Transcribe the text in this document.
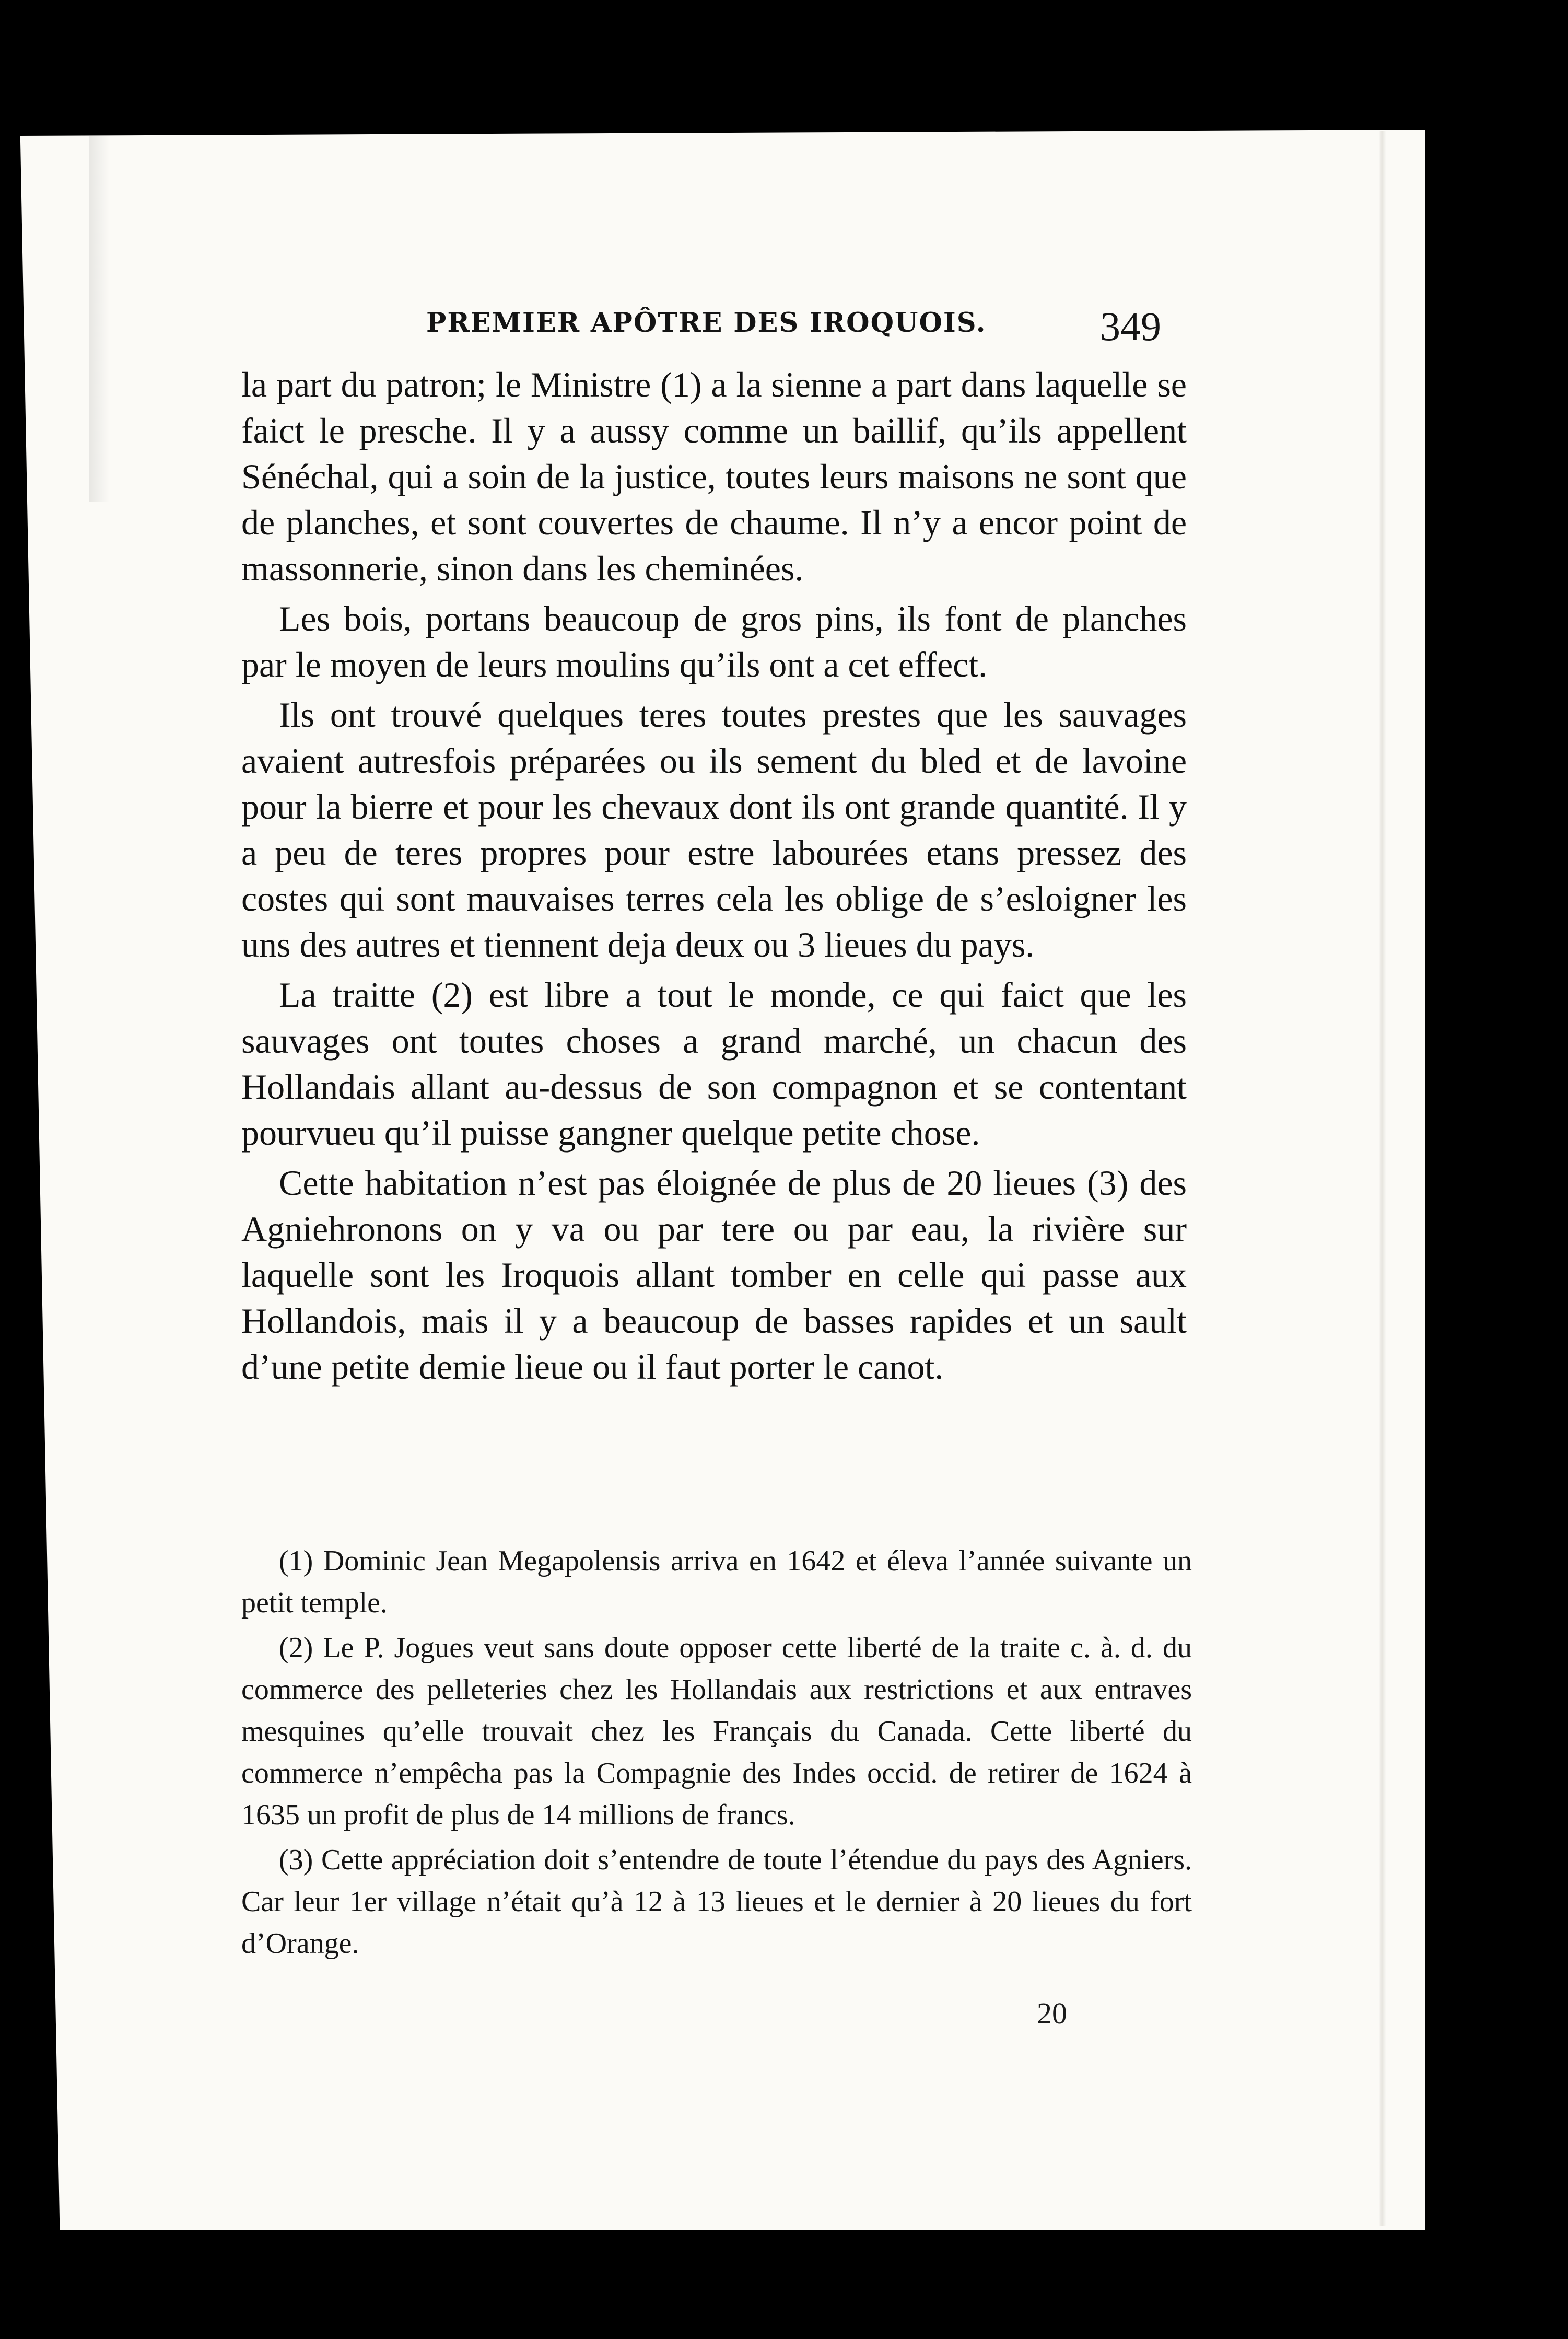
PREMIER APÔTRE DES IROQUOIS.	349

la part du patron; le Ministre (1) a la sienne a part dans laquelle se faict le presche. Il y a aussy comme un baillif, qu’ils appellent Sénéchal, qui a soin de la justice, toutes leurs maisons ne sont que de planches, et sont couvertes de chaume. Il n’y a encor point de massonnerie, sinon dans les cheminées.

Les bois, portans beaucoup de gros pins, ils font de planches par le moyen de leurs moulins qu’ils ont a cet effect.

Ils ont trouvé quelques teres toutes prestes que les sauvages avaient autresfois préparées ou ils sement du bled et de lavoine pour la bierre et pour les chevaux dont ils ont grande quantité. Il y a peu de teres propres pour estre labourées etans pressez des costes qui sont mauvaises terres cela les oblige de s’esloigner les uns des autres et tiennent deja deux ou 3 lieues du pays.

La traitte (2) est libre a tout le monde, ce qui faict que les sauvages ont toutes choses a grand marché, un chacun des Hollandais allant au-dessus de son compagnon et se contentant pourvueu qu’il puisse gangner quelque petite chose.

Cette habitation n’est pas éloignée de plus de 20 lieues (3) des Agniehronons on y va ou par tere ou par eau, la rivière sur laquelle sont les Iroquois allant tomber en celle qui passe aux Hollandois, mais il y a beaucoup de basses rapides et un sault d’une petite demie lieue ou il faut porter le canot.

(1) Dominic Jean Megapolensis arriva en 1642 et éleva l’année suivante un petit temple.

(2) Le P. Jogues veut sans doute opposer cette liberté de la traite c. à. d. du commerce des pelleteries chez les Hollandais aux restrictions et aux entraves mesquines qu’elle trouvait chez les Français du Canada. Cette liberté du commerce n’empêcha pas la Compagnie des Indes occid. de retirer de 1624 à 1635 un profit de plus de 14 millions de francs.

(3) Cette appréciation doit s’entendre de toute l’étendue du pays des Agniers. Car leur 1er village n’était qu’à 12 à 13 lieues et le dernier à 20 lieues du fort d’Orange.

20
